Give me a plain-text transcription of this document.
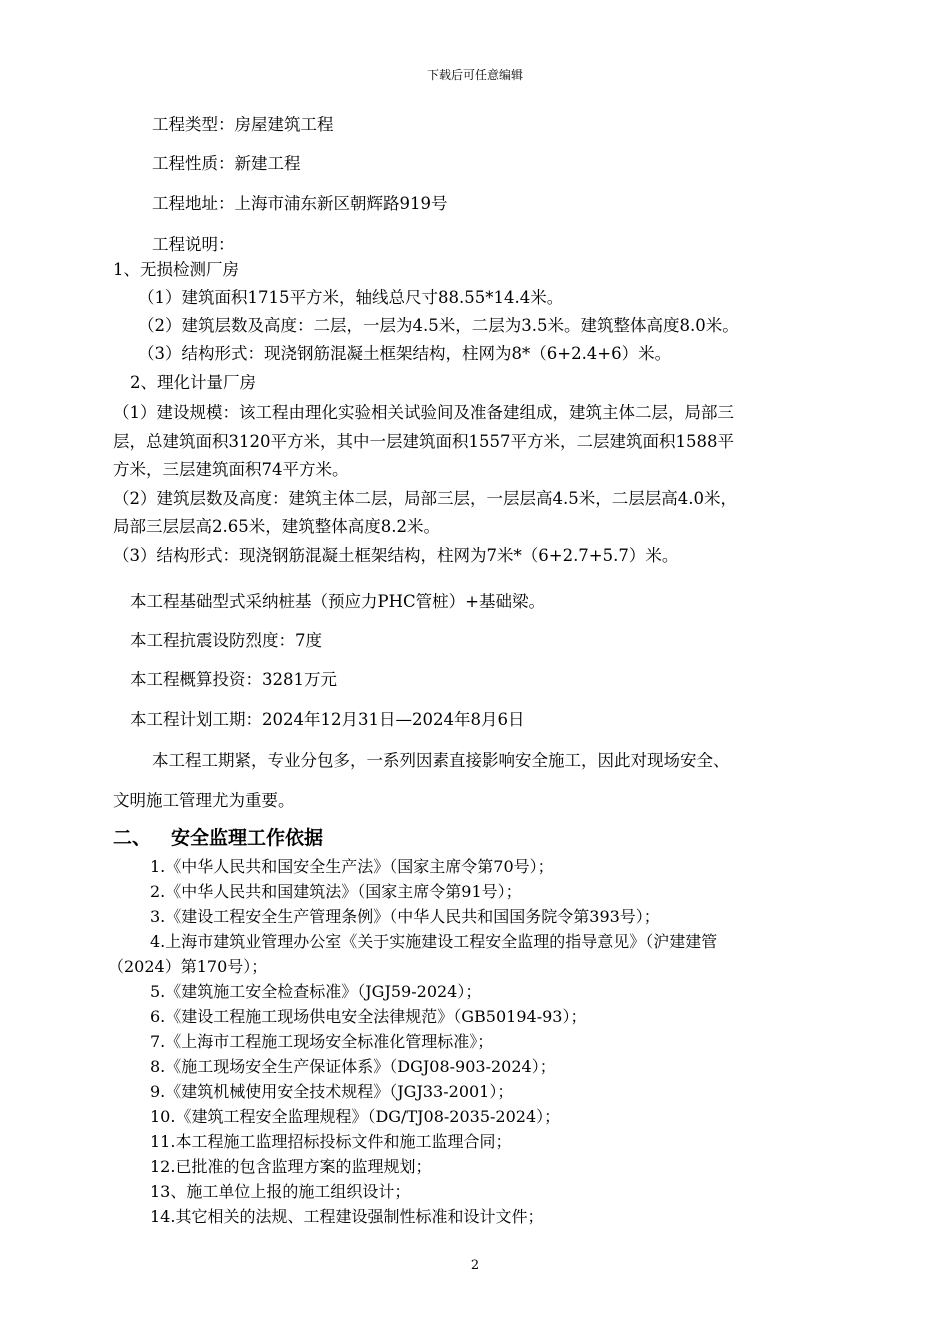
下载后可任意编辑
工程类型：房屋建筑工程
工程性质：新建工程
工程地址：上海市浦东新区朝辉路919号
工程说明：
1、无损检测厂房
（1）建筑面积1715平方米，轴线总尺寸88.55*14.4米。
（2）建筑层数及高度：二层，一层为4.5米，二层为3.5米。建筑整体高度8.0米。
（3）结构形式：现浇钢筋混凝土框架结构，柱网为8*（6+2.4+6）米。
2、理化计量厂房
（1）建设规模：该工程由理化实验相关试验间及准备建组成，建筑主体二层，局部三
层，总建筑面积3120平方米，其中一层建筑面积1557平方米，二层建筑面积1588平
方米，三层建筑面积74平方米。
（2）建筑层数及高度：建筑主体二层，局部三层，一层层高4.5米，二层层高4.0米，
局部三层层高2.65米，建筑整体高度8.2米。
（3）结构形式：现浇钢筋混凝土框架结构，柱网为7米*（6+2.7+5.7）米。
本工程基础型式采纳桩基（预应力PHC管桩）+基础梁。
本工程抗震设防烈度：7度
本工程概算投资：3281万元
本工程计划工期：2024年12月31日—2024年8月6日
本工程工期紧，专业分包多，一系列因素直接影响安全施工，因此对现场安全、
文明施工管理尤为重要。
二、 安全监理工作依据
1.《中华人民共和国安全生产法》（国家主席令第70号）；
2.《中华人民共和国建筑法》（国家主席令第91号）；
3.《建设工程安全生产管理条例》（中华人民共和国国务院令第393号）；
4.上海市建筑业管理办公室《关于实施建设工程安全监理的指导意见》（沪建建管
（2024）第170号）；
5.《建筑施工安全检查标准》（JGJ59-2024）；
6.《建设工程施工现场供电安全法律规范》（GB50194-93）；
7.《上海市工程施工现场安全标准化管理标准》；
8.《施工现场安全生产保证体系》（DGJ08-903-2024）；
9.《建筑机械使用安全技术规程》（JGJ33-2001）；
10.《建筑工程安全监理规程》（DG/TJ08-2035-2024）；
11.本工程施工监理招标投标文件和施工监理合同；
12.已批准的包含监理方案的监理规划；
13、施工单位上报的施工组织设计；
14.其它相关的法规、工程建设强制性标准和设计文件；
2
